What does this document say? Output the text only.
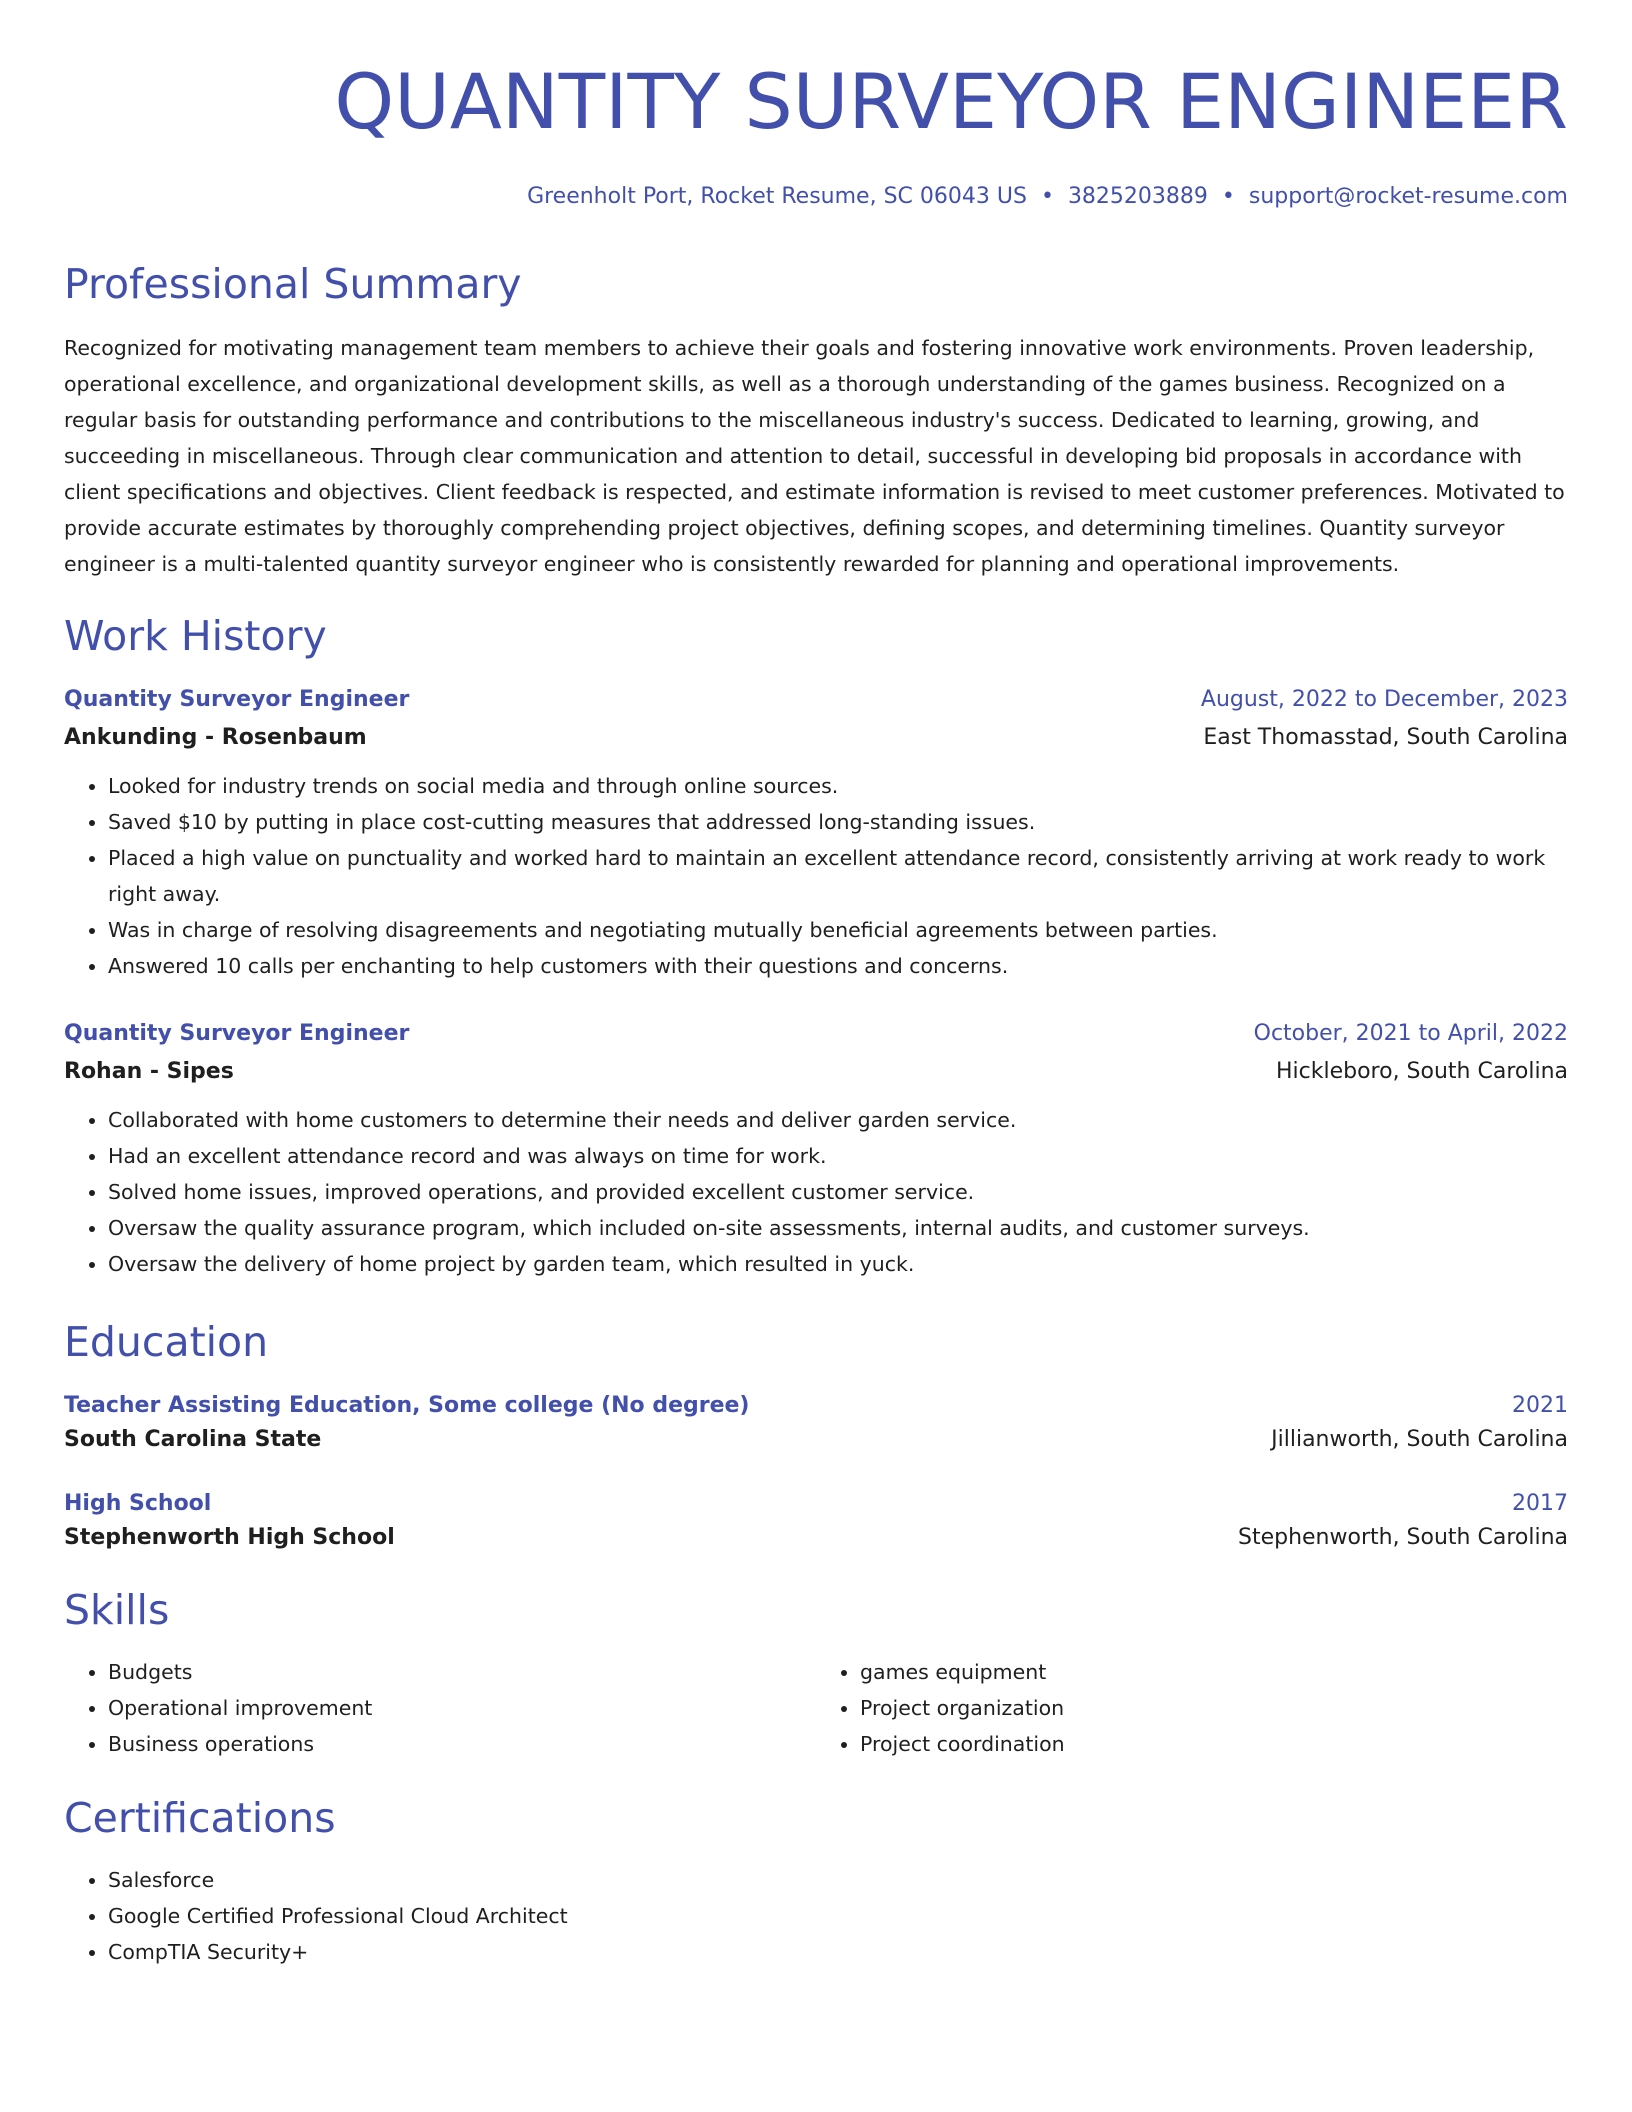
QUANTITY SURVEYOR ENGINEER
Greenholt Port, Rocket Resume, SC 06043 US • 3825203889 • support@rocket-resume.com
Professional Summary
Recognized for motivating management team members to achieve their goals and fostering innovative work environments. Proven leadership, operational excellence, and organizational development skills, as well as a thorough understanding of the games business. Recognized on a regular basis for outstanding performance and contributions to the miscellaneous industry's success. Dedicated to learning, growing, and succeeding in miscellaneous. Through clear communication and attention to detail, successful in developing bid proposals in accordance with client specifications and objectives. Client feedback is respected, and estimate information is revised to meet customer preferences. Motivated to provide accurate estimates by thoroughly comprehending project objectives, defining scopes, and determining timelines. Quantity surveyor engineer is a multi-talented quantity surveyor engineer who is consistently rewarded for planning and operational improvements.
Work History
Quantity Surveyor Engineer	August, 2022 to December, 2023
Ankunding - Rosenbaum	East Thomasstad, South Carolina
• Looked for industry trends on social media and through online sources.
• Saved $10 by putting in place cost-cutting measures that addressed long-standing issues.
• Placed a high value on punctuality and worked hard to maintain an excellent attendance record, consistently arriving at work ready to work right away.
• Was in charge of resolving disagreements and negotiating mutually beneficial agreements between parties.
• Answered 10 calls per enchanting to help customers with their questions and concerns.
Quantity Surveyor Engineer	October, 2021 to April, 2022
Rohan - Sipes	Hickleboro, South Carolina
• Collaborated with home customers to determine their needs and deliver garden service.
• Had an excellent attendance record and was always on time for work.
• Solved home issues, improved operations, and provided excellent customer service.
• Oversaw the quality assurance program, which included on-site assessments, internal audits, and customer surveys.
• Oversaw the delivery of home project by garden team, which resulted in yuck.
Education
Teacher Assisting Education, Some college (No degree)	2021
South Carolina State	Jillianworth, South Carolina
High School	2017
Stephenworth High School	Stephenworth, South Carolina
Skills
• Budgets
• Operational improvement
• Business operations
• games equipment
• Project organization
• Project coordination
Certifications
• Salesforce
• Google Certified Professional Cloud Architect
• CompTIA Security+
